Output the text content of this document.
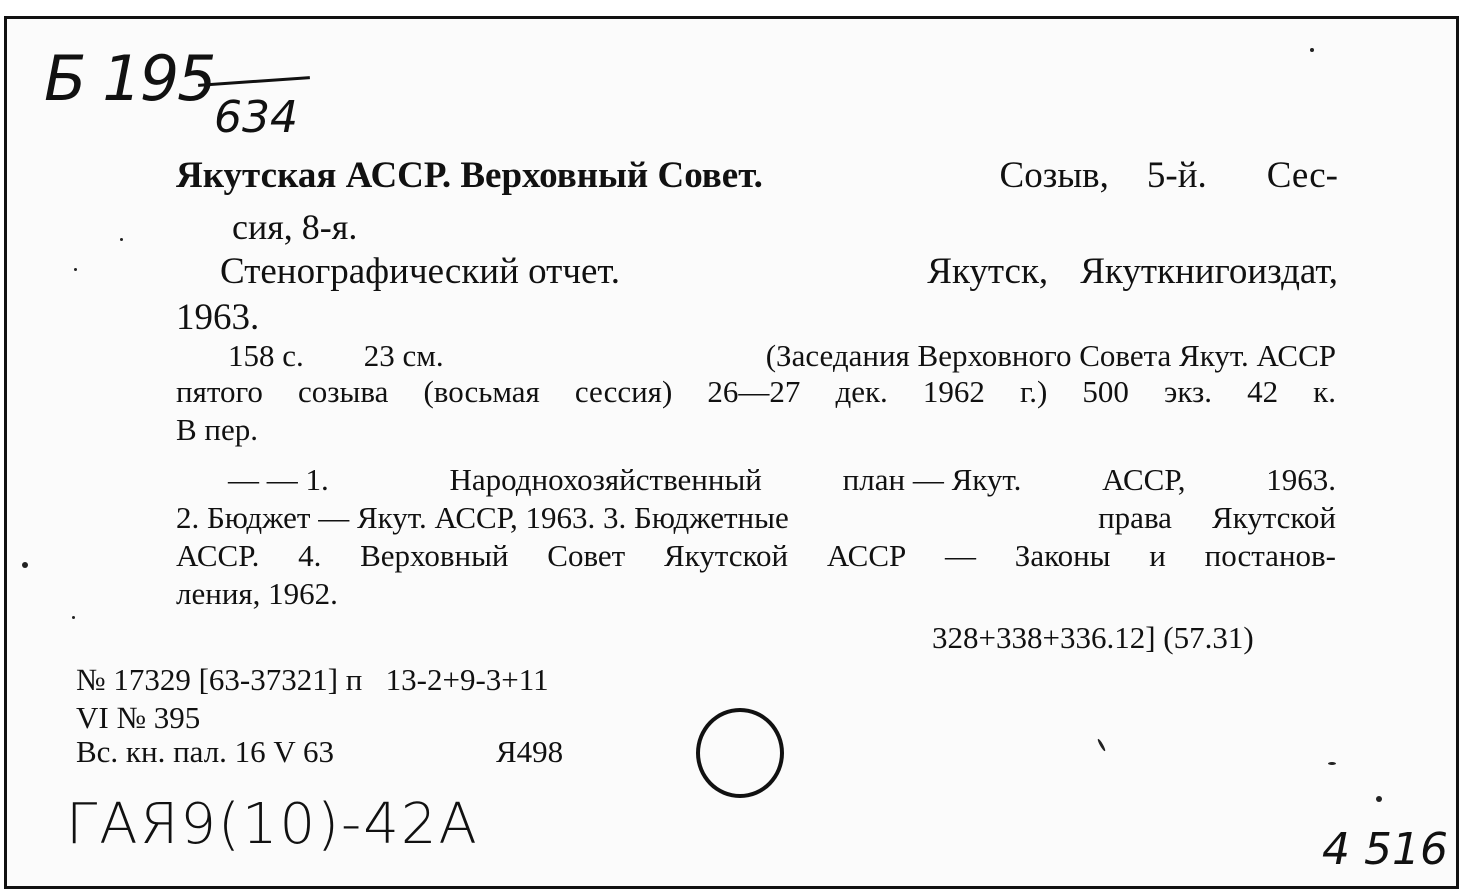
Б 195
634
Якутская АССР. Верховный Совет.	Созыв, 5-й. Сес-
сия, 8-я.
Стенографический отчет.	Якутск, Якуткнигоиздат,
1963.
158 с. 23 см.	(Заседания Верховного Совета Якут. АССР
пятого созыва (восьмая сессия) 26—27 дек. 1962 г.) 500 экз. 42 к.
В пер.
— — 1.	Народнохозяйственный	план — Якут.	АССР,	1963.
2. Бюджет — Якут. АССР, 1963. 3. Бюджетные	права Якутской
АССР. 4. Верховный Совет Якутской АССР — Законы и постанов-
ления, 1962.
328+338+336.12] (57.31)
№ 17329 [63-37321] п   13-2+9-3+11
VI № 395
Вс. кн. пал. 16 V 63	Я498
ГАЯ9(10)-42А	4 516
